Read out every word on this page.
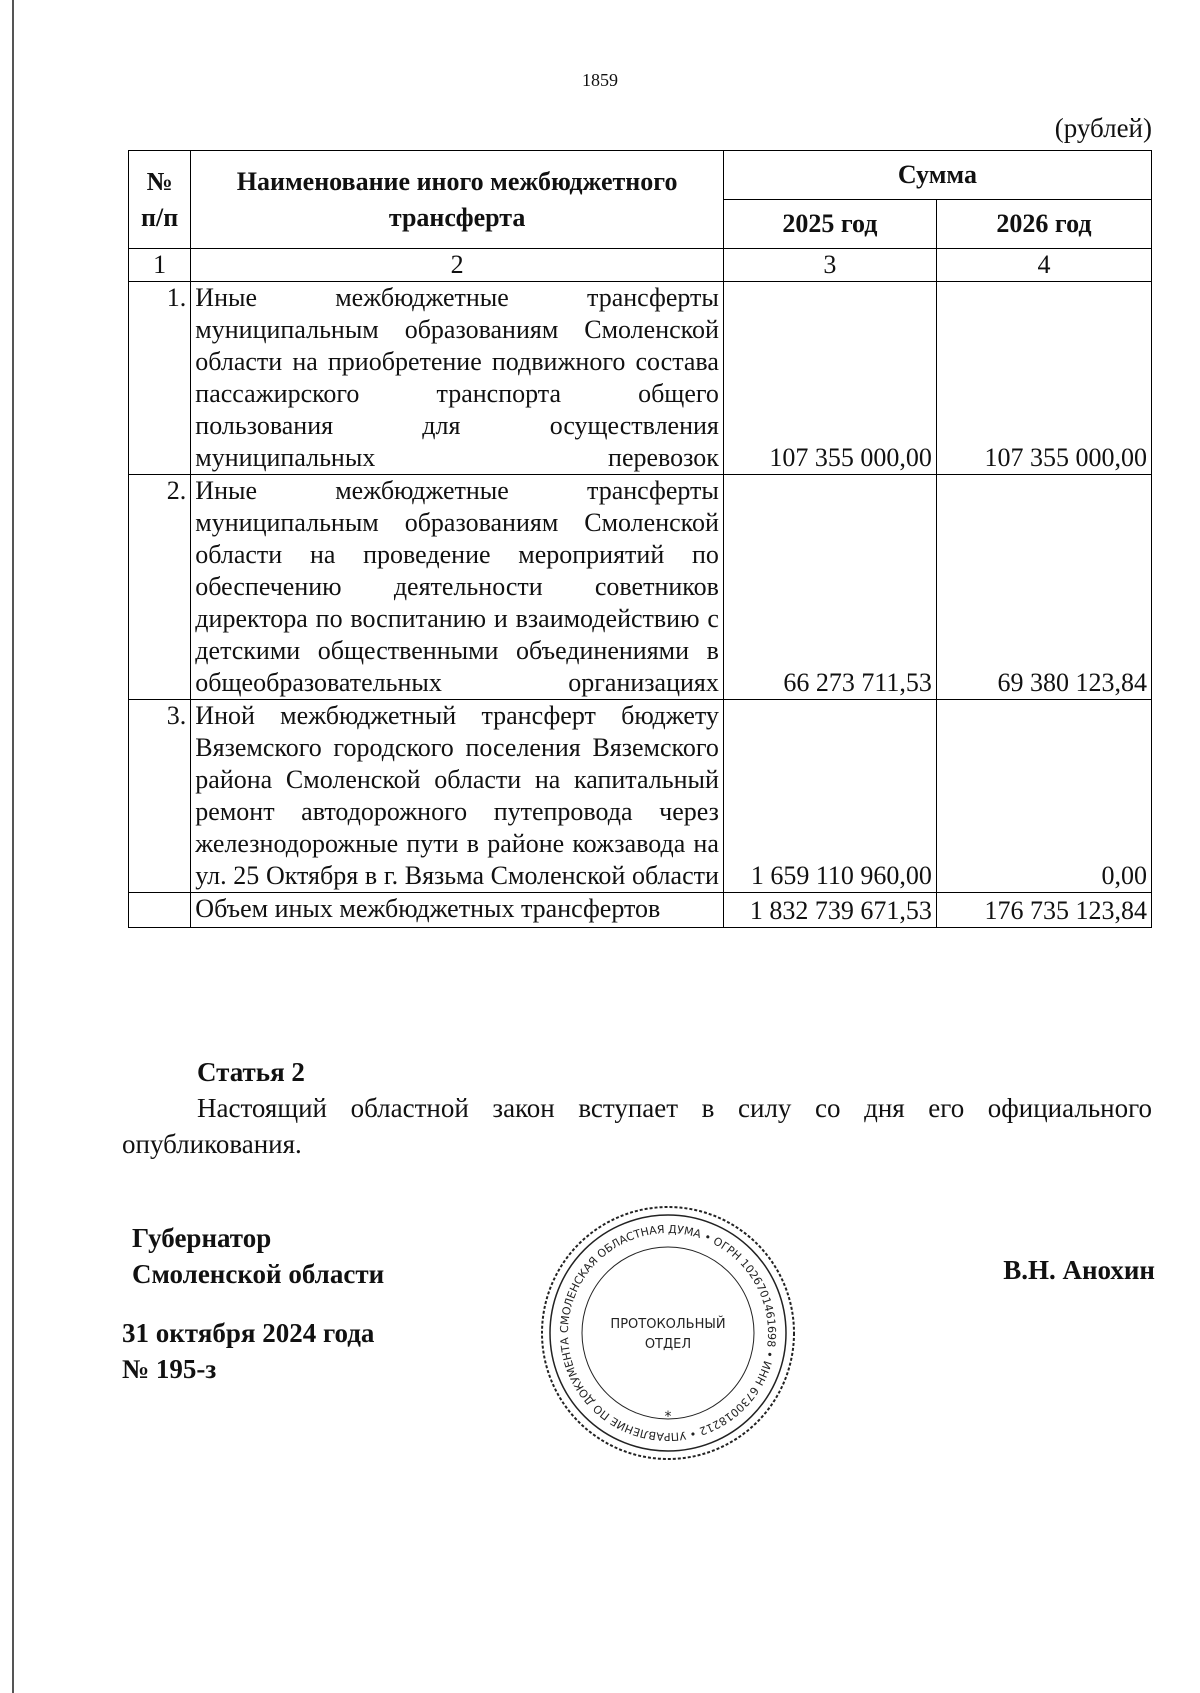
1859
(рублей)
№ п/п	Наименование иного межбюджетного трансферта	Сумма	
		2025 год	2026 год
1	2	3	4
1.	Иные межбюджетные трансферты муниципальным образованиям Смоленской области на приобретение подвижного состава пассажирского транспорта общего пользования для осуществления муниципальных перевозок	107 355 000,00	107 355 000,00
2.	Иные межбюджетные трансферты муниципальным образованиям Смоленской области на проведение мероприятий по обеспечению деятельности советников директора по воспитанию и взаимодействию с детскими общественными объединениями в общеобразовательных организациях	66 273 711,53	69 380 123,84
3.	Иной межбюджетный трансферт бюджету Вяземского городского поселения Вяземского района Смоленской области на капитальный ремонт автодорожного путепровода через железнодорожные пути в районе кожзавода на ул. 25 Октября в г. Вязьма Смоленской области	1 659 110 960,00	0,00
	Объем иных межбюджетных трансфертов	1 832 739 671,53	176 735 123,84
Статья 2
Настоящий областной закон вступает в силу со дня его официального опубликования.
Губернатор
Смоленской области	В.Н. Анохин
31 октября 2024 года
№ 195-з
СМОЛЕНСКАЯ ОБЛАСТНАЯ ДУМА • ОГРН 1026701461698 • ИНН 6730018212 • УПРАВЛЕНИЕ ПО ДОКУМЕНТА
ПРОТОКОЛЬНЫЙ
ОТДЕЛ
*
